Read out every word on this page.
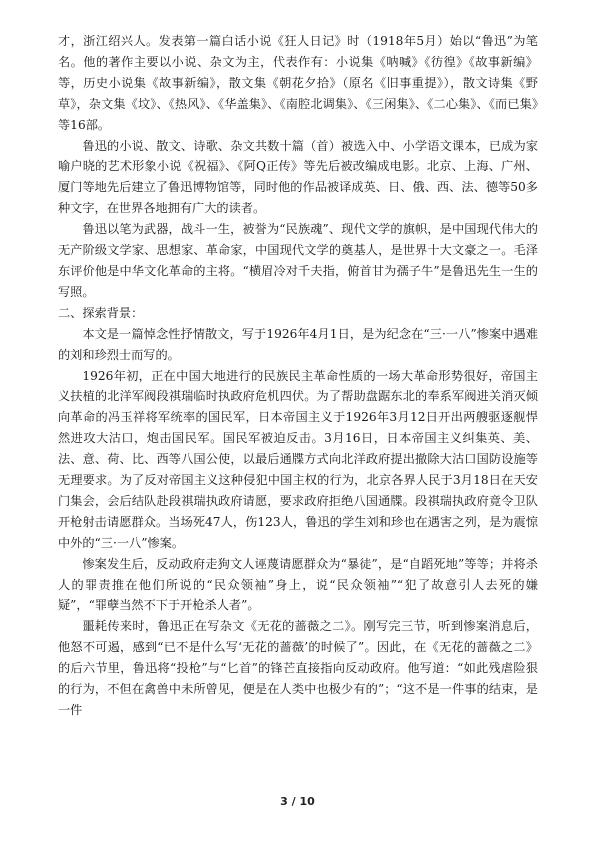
才，浙江绍兴人。发表第一篇白话小说《狂人日记》时（1918年5月）始以“鲁迅”为笔名。他的著作主要以小说、杂文为主，代表作有：小说集《呐喊》《彷徨》《故事新编》等，历史小说集《故事新编》，散文集《朝花夕拾》（原名《旧事重提》），散文诗集《野草》，杂文集《坟》、《热风》、《华盖集》、《南腔北调集》、《三闲集》、《二心集》、《而已集》等16部。

鲁迅的小说、散文、诗歌、杂文共数十篇（首）被选入中、小学语文课本，已成为家喻户晓的艺术形象小说《祝福》、《阿Q正传》等先后被改编成电影。北京、上海、广州、厦门等地先后建立了鲁迅博物馆等，同时他的作品被译成英、日、俄、西、法、德等50多种文字，在世界各地拥有广大的读者。

鲁迅以笔为武器，战斗一生，被誉为“民族魂”、现代文学的旗帜，是中国现代伟大的无产阶级文学家、思想家、革命家，中国现代文学的奠基人，是世界十大文豪之一。毛泽东评价他是中华文化革命的主将。“横眉冷对千夫指，俯首甘为孺子牛”是鲁迅先生一生的写照。

二、探索背景：

本文是一篇悼念性抒情散文，写于1926年4月1日，是为纪念在“三·一八”惨案中遇难的刘和珍烈士而写的。

1926年初，正在中国大地进行的民族民主革命性质的一场大革命形势很好，帝国主义扶植的北洋军阀段祺瑞临时执政府危机四伏。为了帮助盘踞东北的奉系军阀进关消灭倾向革命的冯玉祥将军统率的国民军，日本帝国主义于1926年3月12日开出两艘驱逐舰悍然进攻大沽口，炮击国民军。国民军被迫反击。3月16日，日本帝国主义纠集英、美、法、意、荷、比、西等八国公使，以最后通牒方式向北洋政府提出撤除大沽口国防设施等无理要求。为了反对帝国主义这种侵犯中国主权的行为，北京各界人民于3月18日在天安门集会，会后结队赴段祺瑞执政府请愿，要求政府拒绝八国通牒。段祺瑞执政府竟令卫队开枪射击请愿群众。当场死47人，伤123人，鲁迅的学生刘和珍也在遇害之列，是为震惊中外的“三·一八”惨案。

惨案发生后，反动政府走狗文人诬蔑请愿群众为“暴徒”，是“自蹈死地”等等；并将杀人的罪责推在他们所说的“民众领袖”身上，说“民众领袖”“犯了故意引人去死的嫌疑”，“罪孽当然不下于开枪杀人者”。

噩耗传来时，鲁迅正在写杂文《无花的蔷薇之二》。刚写完三节，听到惨案消息后，他怒不可遏，感到“已不是什么写‘无花的蔷薇’的时候了”。因此，在《无花的蔷薇之二》的后六节里，鲁迅将“投枪”与“匕首”的锋芒直接指向反动政府。他写道：“如此残虐险狠的行为，不但在禽兽中未所曾见，便是在人类中也极少有的”；“这不是一件事的结束，是一件

3 / 10
